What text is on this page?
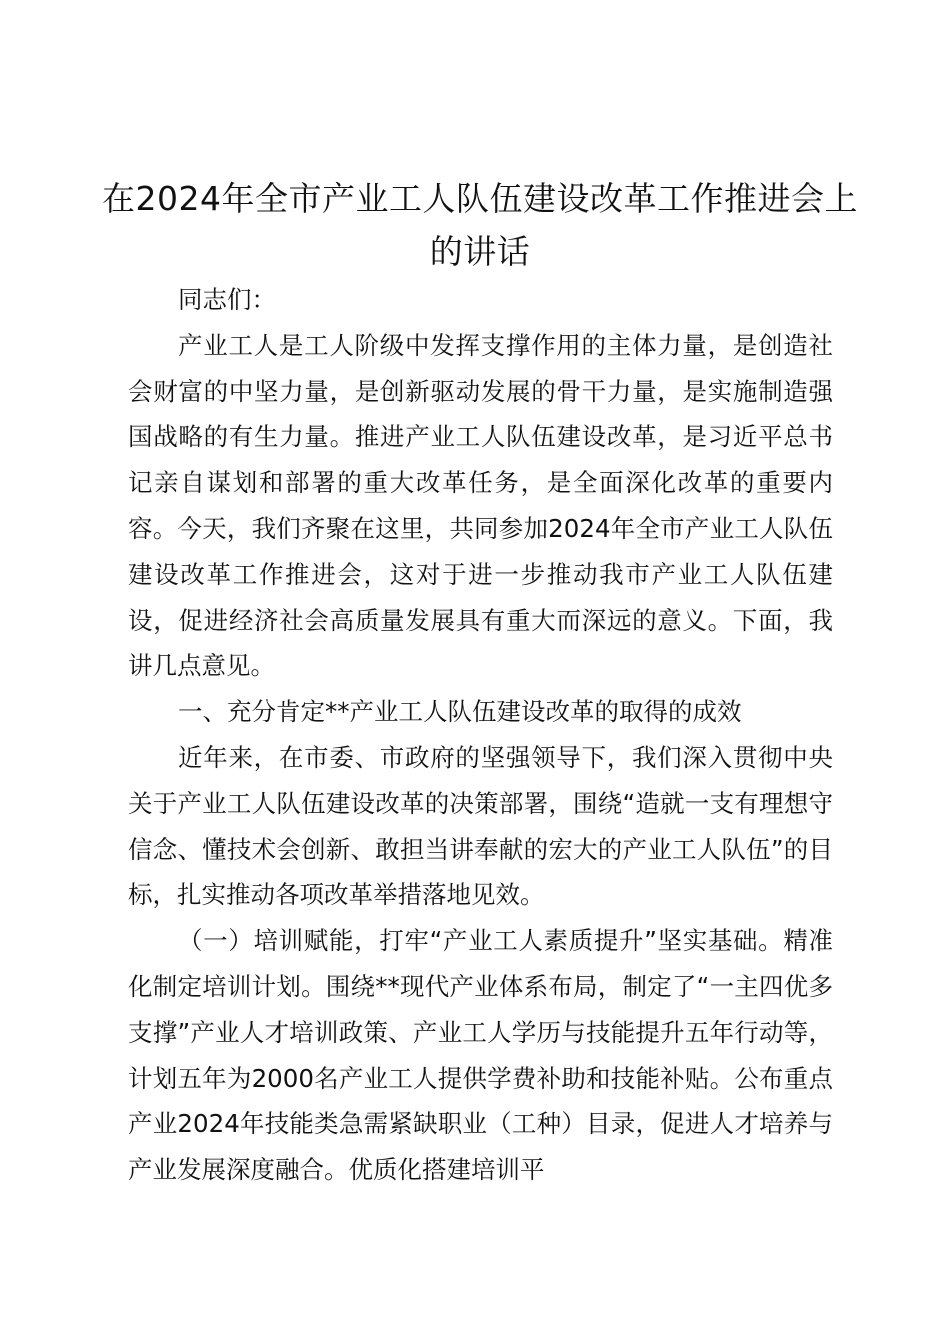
在2024年全市产业工人队伍建设改革工作推进会上的讲话

同志们：

产业工人是工人阶级中发挥支撑作用的主体力量，是创造社会财富的中坚力量，是创新驱动发展的骨干力量，是实施制造强国战略的有生力量。推进产业工人队伍建设改革，是习近平总书记亲自谋划和部署的重大改革任务，是全面深化改革的重要内容。今天，我们齐聚在这里，共同参加2024年全市产业工人队伍建设改革工作推进会，这对于进一步推动我市产业工人队伍建设，促进经济社会高质量发展具有重大而深远的意义。下面，我讲几点意见。

一、充分肯定**产业工人队伍建设改革的取得的成效

近年来，在市委、市政府的坚强领导下，我们深入贯彻中央关于产业工人队伍建设改革的决策部署，围绕“造就一支有理想守信念、懂技术会创新、敢担当讲奉献的宏大的产业工人队伍”的目标，扎实推动各项改革举措落地见效。

（一）培训赋能，打牢“产业工人素质提升”坚实基础。精准化制定培训计划。围绕**现代产业体系布局，制定了“一主四优多支撑”产业人才培训政策、产业工人学历与技能提升五年行动等，计划五年为2000名产业工人提供学费补助和技能补贴。公布重点产业2024年技能类急需紧缺职业（工种）目录，促进人才培养与产业发展深度融合。优质化搭建培训平
